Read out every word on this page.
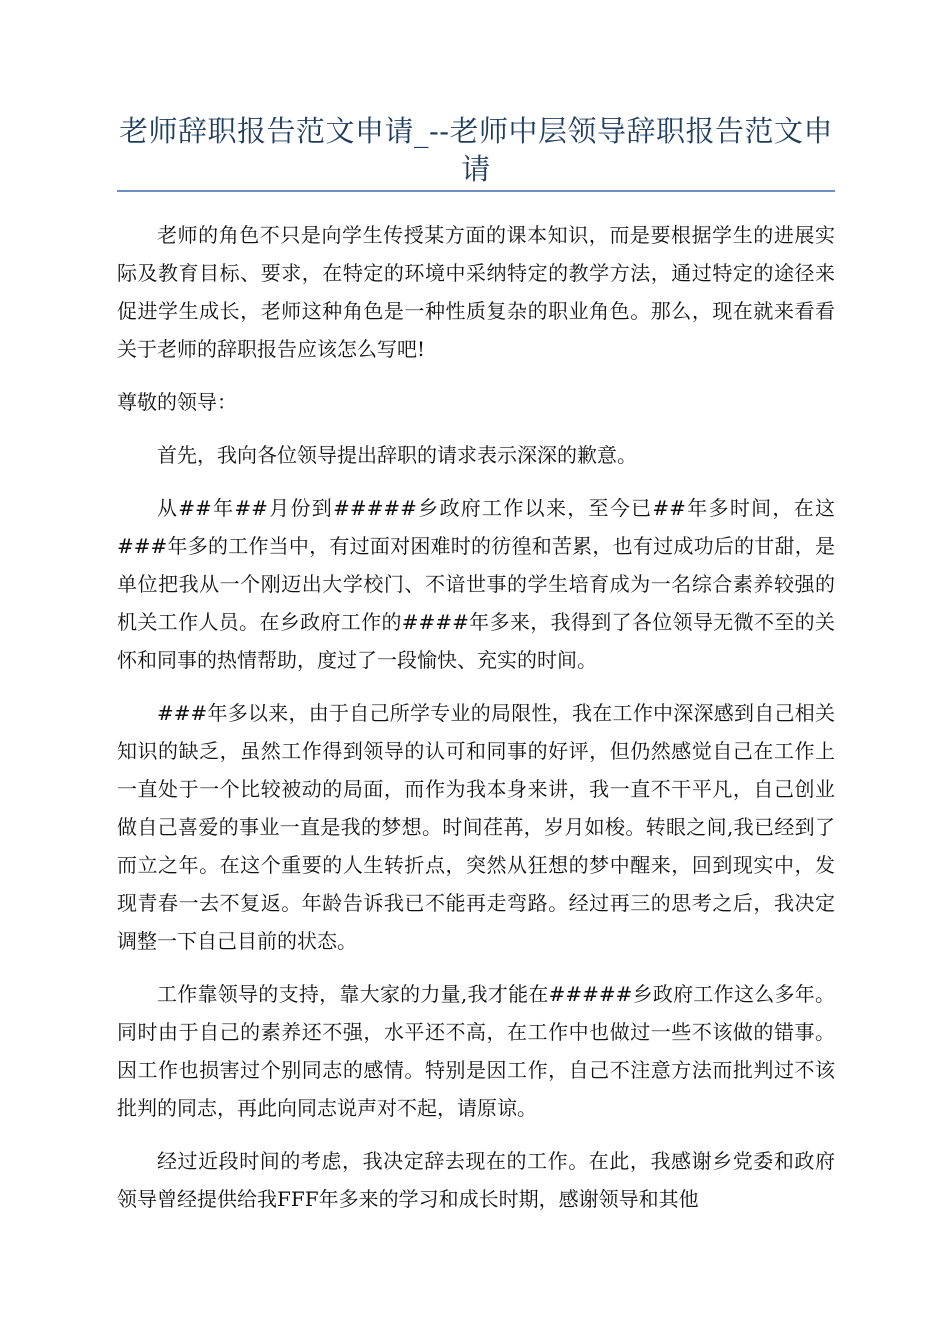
老师辞职报告范文申请_--老师中层领导辞职报告范文申请

老师的角色不只是向学生传授某方面的课本知识，而是要根据学生的进展实际及教育目标、要求，在特定的环境中采纳特定的教学方法，通过特定的途径来促进学生成长，老师这种角色是一种性质复杂的职业角色。那么，现在就来看看关于老师的辞职报告应该怎么写吧!

尊敬的领导：

首先，我向各位领导提出辞职的请求表示深深的歉意。

从##年##月份到#####乡政府工作以来，至今已##年多时间，在这###年多的工作当中，有过面对困难时的彷徨和苦累，也有过成功后的甘甜，是单位把我从一个刚迈出大学校门、不谙世事的学生培育成为一名综合素养较强的机关工作人员。在乡政府工作的####年多来，我得到了各位领导无微不至的关怀和同事的热情帮助，度过了一段愉快、充实的时间。

###年多以来，由于自己所学专业的局限性，我在工作中深深感到自己相关知识的缺乏，虽然工作得到领导的认可和同事的好评，但仍然感觉自己在工作上一直处于一个比较被动的局面，而作为我本身来讲，我一直不干平凡，自己创业做自己喜爱的事业一直是我的梦想。时间荏苒，岁月如梭。转眼之间,我已经到了而立之年。在这个重要的人生转折点，突然从狂想的梦中醒来，回到现实中，发现青春一去不复返。年龄告诉我已不能再走弯路。经过再三的思考之后，我决定调整一下自己目前的状态。

工作靠领导的支持，靠大家的力量,我才能在#####乡政府工作这么多年。同时由于自己的素养还不强，水平还不高，在工作中也做过一些不该做的错事。因工作也损害过个别同志的感情。特别是因工作，自己不注意方法而批判过不该批判的同志，再此向同志说声对不起，请原谅。

经过近段时间的考虑，我决定辞去现在的工作。在此，我感谢乡党委和政府领导曾经提供给我FFF年多来的学习和成长时期，感谢领导和其他
